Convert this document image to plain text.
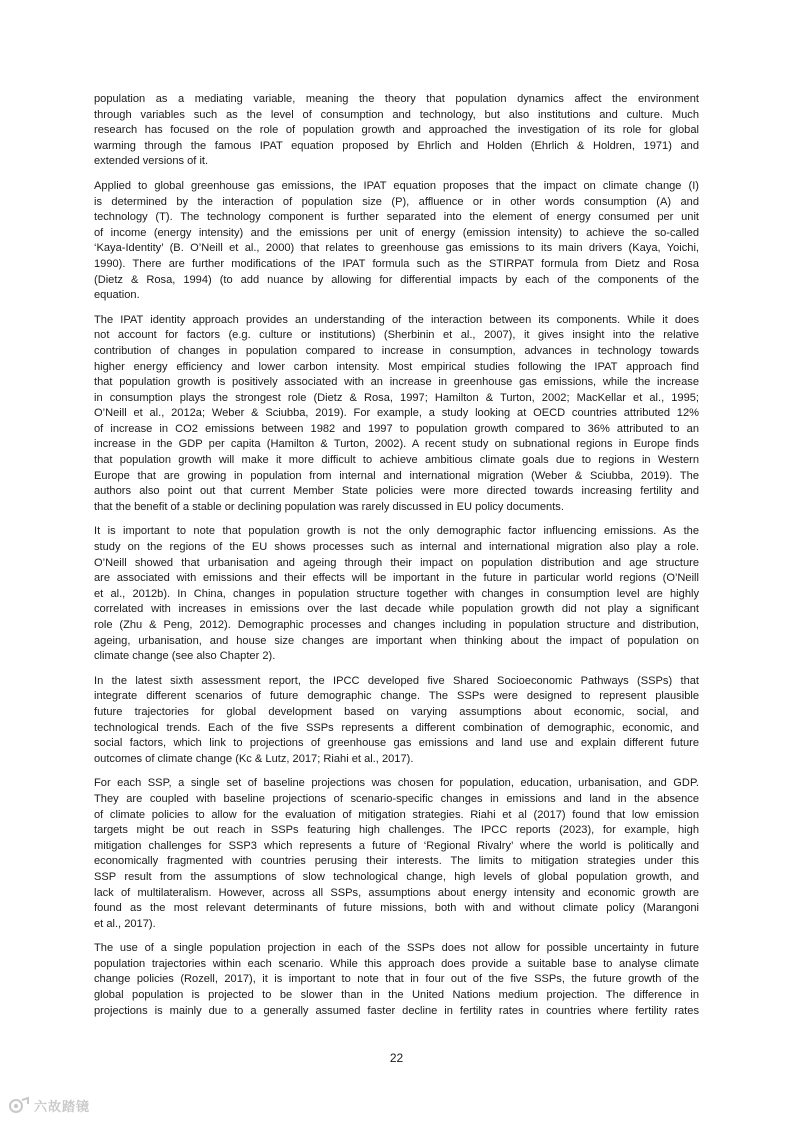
population as a mediating variable, meaning the theory that population dynamics affect the environment
through variables such as the level of consumption and technology, but also institutions and culture. Much
research has focused on the role of population growth and approached the investigation of its role for global
warming through the famous IPAT equation proposed by Ehrlich and Holden (Ehrlich & Holdren, 1971) and
extended versions of it.
Applied to global greenhouse gas emissions, the IPAT equation proposes that the impact on climate change (I)
is determined by the interaction of population size (P), affluence or in other words consumption (A) and
technology (T). The technology component is further separated into the element of energy consumed per unit
of income (energy intensity) and the emissions per unit of energy (emission intensity) to achieve the so-called
‘Kaya-Identity’ (B. O’Neill et al., 2000) that relates to greenhouse gas emissions to its main drivers (Kaya, Yoichi,
1990). There are further modifications of the IPAT formula such as the STIRPAT formula from Dietz and Rosa
(Dietz & Rosa, 1994) (to add nuance by allowing for differential impacts by each of the components of the
equation.
The IPAT identity approach provides an understanding of the interaction between its components. While it does
not account for factors (e.g. culture or institutions) (Sherbinin et al., 2007), it gives insight into the relative
contribution of changes in population compared to increase in consumption, advances in technology towards
higher energy efficiency and lower carbon intensity. Most empirical studies following the IPAT approach find
that population growth is positively associated with an increase in greenhouse gas emissions, while the increase
in consumption plays the strongest role (Dietz & Rosa, 1997; Hamilton & Turton, 2002; MacKellar et al., 1995;
O’Neill et al., 2012a; Weber & Sciubba, 2019). For example, a study looking at OECD countries attributed 12%
of increase in CO2 emissions between 1982 and 1997 to population growth compared to 36% attributed to an
increase in the GDP per capita (Hamilton & Turton, 2002). A recent study on subnational regions in Europe finds
that population growth will make it more difficult to achieve ambitious climate goals due to regions in Western
Europe that are growing in population from internal and international migration (Weber & Sciubba, 2019). The
authors also point out that current Member State policies were more directed towards increasing fertility and
that the benefit of a stable or declining population was rarely discussed in EU policy documents.
It is important to note that population growth is not the only demographic factor influencing emissions. As the
study on the regions of the EU shows processes such as internal and international migration also play a role.
O’Neill showed that urbanisation and ageing through their impact on population distribution and age structure
are associated with emissions and their effects will be important in the future in particular world regions (O’Neill
et al., 2012b). In China, changes in population structure together with changes in consumption level are highly
correlated with increases in emissions over the last decade while population growth did not play a significant
role (Zhu & Peng, 2012). Demographic processes and changes including in population structure and distribution,
ageing, urbanisation, and house size changes are important when thinking about the impact of population on
climate change (see also Chapter 2).
In the latest sixth assessment report, the IPCC developed five Shared Socioeconomic Pathways (SSPs) that
integrate different scenarios of future demographic change. The SSPs were designed to represent plausible
future trajectories for global development based on varying assumptions about economic, social, and
technological trends. Each of the five SSPs represents a different combination of demographic, economic, and
social factors, which link to projections of greenhouse gas emissions and land use and explain different future
outcomes of climate change (Kc & Lutz, 2017; Riahi et al., 2017).
For each SSP, a single set of baseline projections was chosen for population, education, urbanisation, and GDP.
They are coupled with baseline projections of scenario-specific changes in emissions and land in the absence
of climate policies to allow for the evaluation of mitigation strategies. Riahi et al (2017) found that low emission
targets might be out reach in SSPs featuring high challenges. The IPCC reports (2023), for example, high
mitigation challenges for SSP3 which represents a future of ‘Regional Rivalry’ where the world is politically and
economically fragmented with countries perusing their interests. The limits to mitigation strategies under this
SSP result from the assumptions of slow technological change, high levels of global population growth, and
lack of multilateralism. However, across all SSPs, assumptions about energy intensity and economic growth are
found as the most relevant determinants of future missions, both with and without climate policy (Marangoni
et al., 2017).
The use of a single population projection in each of the SSPs does not allow for possible uncertainty in future
population trajectories within each scenario. While this approach does provide a suitable base to analyse climate
change policies (Rozell, 2017), it is important to note that in four out of the five SSPs, the future growth of the
global population is projected to be slower than in the United Nations medium projection. The difference in
projections is mainly due to a generally assumed faster decline in fertility rates in countries where fertility rates
22
六故踏镜
